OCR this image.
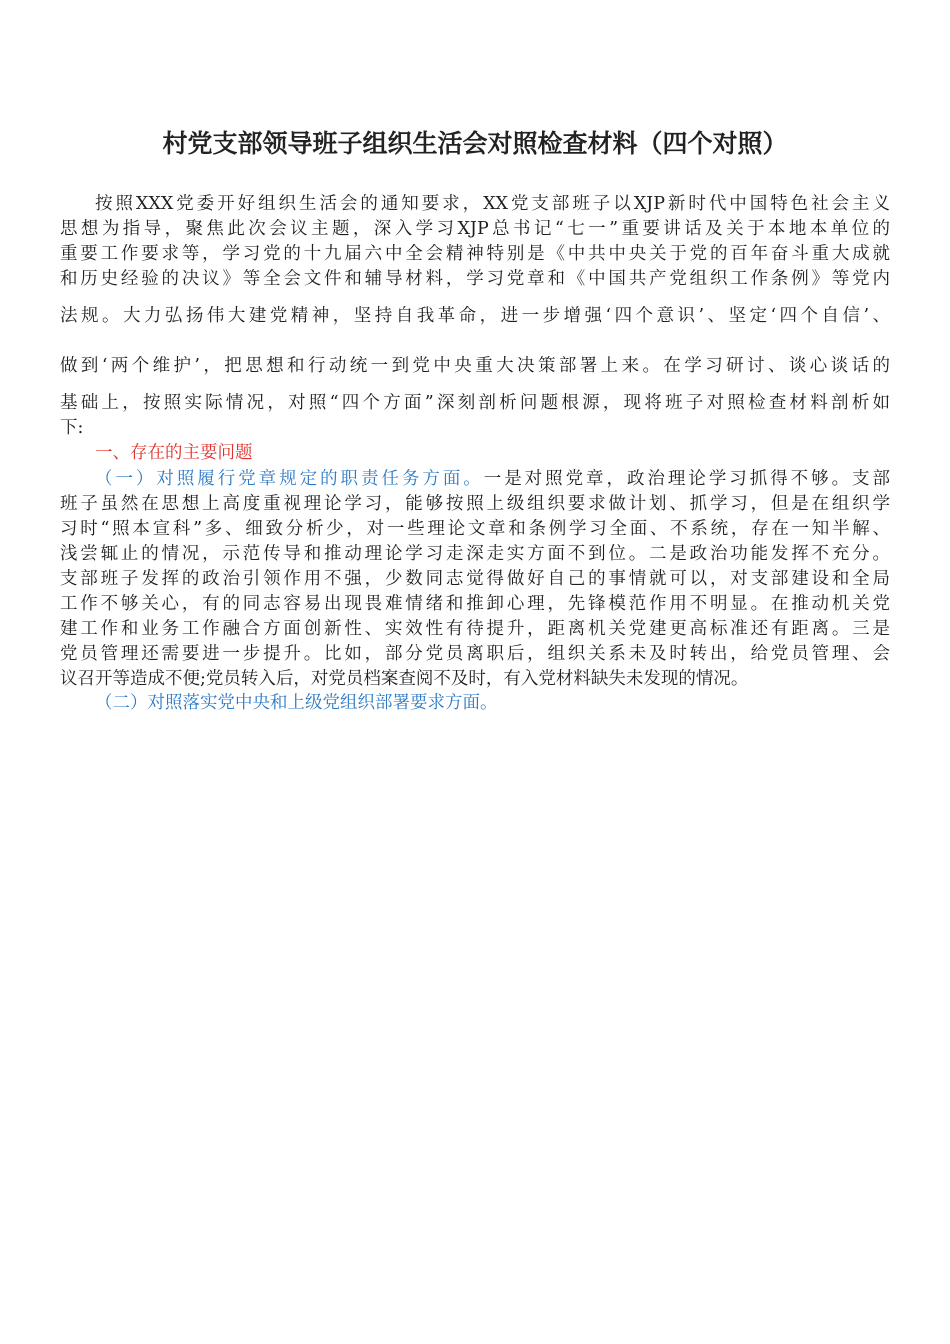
村党支部领导班子组织生活会对照检查材料（四个对照）
按照XXX党委开好组织生活会的通知要求，XX党支部班子以XJP新时代中国特色社会主义
思想为指导，聚焦此次会议主题，深入学习XJP总书记“七一”重要讲话及关于本地本单位的
重要工作要求等，学习党的十九届六中全会精神特别是《中共中央关于党的百年奋斗重大成就
和历史经验的决议》等全会文件和辅导材料，学习党章和《中国共产党组织工作条例》等党内
法规。大力弘扬伟大建党精神，坚持自我革命，进一步增强‘四个意识’、坚定‘四个自信’、
做到‘两个维护’，把思想和行动统一到党中央重大决策部署上来。在学习研讨、谈心谈话的
基础上，按照实际情况，对照“四个方面”深刻剖析问题根源，现将班子对照检查材料剖析如
下:
一、存在的主要问题
（一）对照履行党章规定的职责任务方面。一是对照党章，政治理论学习抓得不够。支部
班子虽然在思想上高度重视理论学习，能够按照上级组织要求做计划、抓学习，但是在组织学
习时“照本宣科”多、细致分析少，对一些理论文章和条例学习全面、不系统，存在一知半解、
浅尝辄止的情况，示范传导和推动理论学习走深走实方面不到位。二是政治功能发挥不充分。
支部班子发挥的政治引领作用不强，少数同志觉得做好自己的事情就可以，对支部建设和全局
工作不够关心，有的同志容易出现畏难情绪和推卸心理，先锋模范作用不明显。在推动机关党
建工作和业务工作融合方面创新性、实效性有待提升，距离机关党建更高标准还有距离。三是
党员管理还需要进一步提升。比如，部分党员离职后，组织关系未及时转出，给党员管理、会
议召开等造成不便;党员转入后，对党员档案查阅不及时，有入党材料缺失未发现的情况。
（二）对照落实党中央和上级党组织部署要求方面。
